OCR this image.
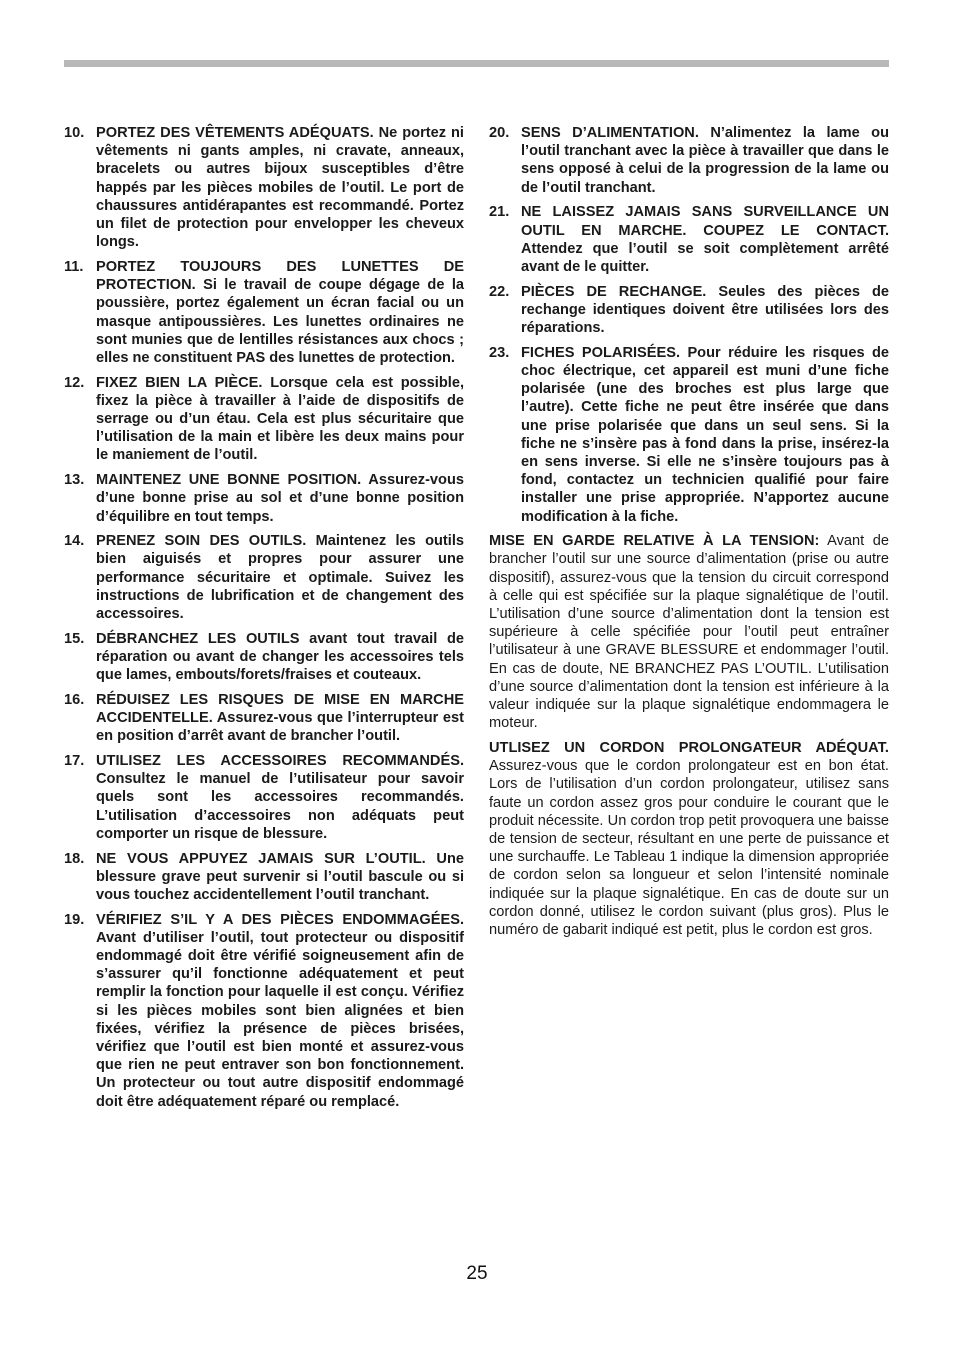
10. PORTEZ DES VÊTEMENTS ADÉQUATS. Ne portez ni vêtements ni gants amples, ni cravate, anneaux, bracelets ou autres bijoux susceptibles d’être happés par les pièces mobiles de l’outil. Le port de chaussures antidérapantes est recommandé. Portez un filet de protection pour envelopper les cheveux longs.
11. PORTEZ TOUJOURS DES LUNETTES DE PROTECTION. Si le travail de coupe dégage de la poussière, portez également un écran facial ou un masque antipoussières. Les lunettes ordinaires ne sont munies que de lentilles résistances aux chocs ; elles ne constituent PAS des lunettes de protection.
12. FIXEZ BIEN LA PIÈCE. Lorsque cela est possible, fixez la pièce à travailler à l’aide de dispositifs de serrage ou d’un étau. Cela est plus sécuritaire que l’utilisation de la main et libère les deux mains pour le maniement de l’outil.
13. MAINTENEZ UNE BONNE POSITION. Assurez-vous d’une bonne prise au sol et d’une bonne position d’équilibre en tout temps.
14. PRENEZ SOIN DES OUTILS. Maintenez les outils bien aiguisés et propres pour assurer une performance sécuritaire et optimale. Suivez les instructions de lubrification et de changement des accessoires.
15. DÉBRANCHEZ LES OUTILS avant tout travail de réparation ou avant de changer les accessoires tels que lames, embouts/forets/fraises et couteaux.
16. RÉDUISEZ LES RISQUES DE MISE EN MARCHE ACCIDENTELLE. Assurez-vous que l’interrupteur est en position d’arrêt avant de brancher l’outil.
17. UTILISEZ LES ACCESSOIRES RECOMMANDÉS. Consultez le manuel de l’utilisateur pour savoir quels sont les accessoires recommandés. L’utilisation d’accessoires non adéquats peut comporter un risque de blessure.
18. NE VOUS APPUYEZ JAMAIS SUR L’OUTIL. Une blessure grave peut survenir si l’outil bascule ou si vous touchez accidentellement l’outil tranchant.
19. VÉRIFIEZ S’IL Y A DES PIÈCES ENDOMMAGÉES. Avant d’utiliser l’outil, tout protecteur ou dispositif endommagé doit être vérifié soigneusement afin de s’assurer qu’il fonctionne adéquatement et peut remplir la fonction pour laquelle il est conçu. Vérifiez si les pièces mobiles sont bien alignées et bien fixées, vérifiez la présence de pièces brisées, vérifiez que l’outil est bien monté et assurez-vous que rien ne peut entraver son bon fonctionnement. Un protecteur ou tout autre dispositif endommagé doit être adéquatement réparé ou remplacé.
20. SENS D’ALIMENTATION. N’alimentez la lame ou l’outil tranchant avec la pièce à travailler que dans le sens opposé à celui de la progression de la lame ou de l’outil tranchant.
21. NE LAISSEZ JAMAIS SANS SURVEILLANCE UN OUTIL EN MARCHE. COUPEZ LE CONTACT. Attendez que l’outil se soit complètement arrêté avant de le quitter.
22. PIÈCES DE RECHANGE. Seules des pièces de rechange identiques doivent être utilisées lors des réparations.
23. FICHES POLARISÉES. Pour réduire les risques de choc électrique, cet appareil est muni d’une fiche polarisée (une des broches est plus large que l’autre). Cette fiche ne peut être insérée que dans une prise polarisée que dans un seul sens. Si la fiche ne s’insère pas à fond dans la prise, insérez-la en sens inverse. Si elle ne s’insère toujours pas à fond, contactez un technicien qualifié pour faire installer une prise appropriée. N’apportez aucune modification à la fiche.
MISE EN GARDE RELATIVE À LA TENSION: Avant de brancher l’outil sur une source d’alimentation (prise ou autre dispositif), assurez-vous que la tension du circuit correspond à celle qui est spécifiée sur la plaque signalétique de l’outil. L’utilisation d’une source d’alimentation dont la tension est supérieure à celle spécifiée pour l’outil peut entraîner l’utilisateur à une GRAVE BLESSURE et endommager l’outil. En cas de doute, NE BRANCHEZ PAS L’OUTIL. L’utilisation d’une source d’alimentation dont la tension est inférieure à la valeur indiquée sur la plaque signalétique endommagera le moteur.
UTLISEZ UN CORDON PROLONGATEUR ADÉQUAT. Assurez-vous que le cordon prolongateur est en bon état. Lors de l’utilisation d’un cordon prolongateur, utilisez sans faute un cordon assez gros pour conduire le courant que le produit nécessite. Un cordon trop petit provoquera une baisse de tension de secteur, résultant en une perte de puissance et une surchauffe. Le Tableau 1 indique la dimension appropriée de cordon selon sa longueur et selon l’intensité nominale indiquée sur la plaque signalétique. En cas de doute sur un cordon donné, utilisez le cordon suivant (plus gros). Plus le numéro de gabarit indiqué est petit, plus le cordon est gros.
25
